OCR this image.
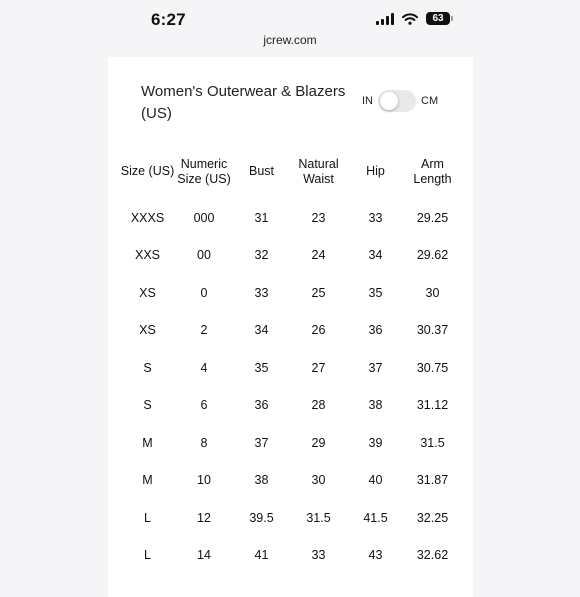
6:27	63
jcrew.com
Women's Outerwear & Blazers (US)
IN	CM
Size (US)	Numeric Size (US)	Bust	Natural Waist	Hip	Arm Length
XXXS	000	31	23	33	29.25
XXS	00	32	24	34	29.62
XS	0	33	25	35	30
XS	2	34	26	36	30.37
S	4	35	27	37	30.75
S	6	36	28	38	31.12
M	8	37	29	39	31.5
M	10	38	30	40	31.87
L	12	39.5	31.5	41.5	32.25
L	14	41	33	43	32.62
